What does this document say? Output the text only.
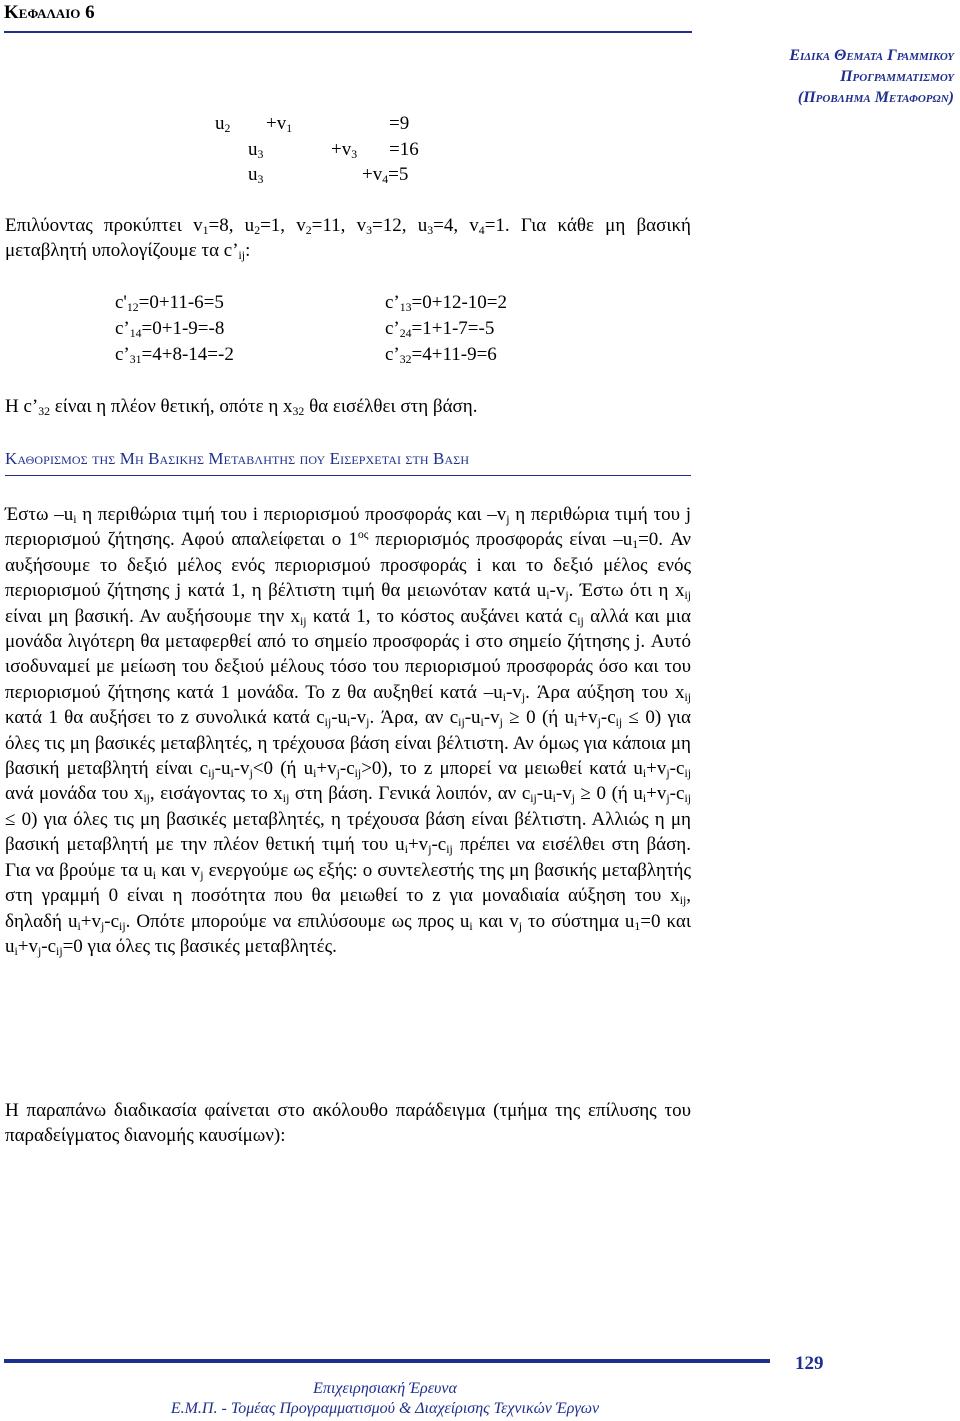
Κεφαλαιο 6
Ειδικα Θεματα Γραμμικου
Προγραμματισμου
(Προβλημα Μεταφορων)
$u_2 +v_1$	=9
$u_3$	$+v_3 =16$
$u_3$	$+v_4=5$
Επιλύοντας προκύπτει $v_1=8$, $u_2=1$, $v_2=11$, $v_3=12$, $u_3=4$, $v_4=1$. Για κάθε μη βασική μεταβλητή υπολογίζουμε τα $c’_{ij}$:
$c'_{12}=0+11-6=5$	$c’_{13}=0+12-10=2$
$c’_{14}=0+1-9=-8$	$c’_{24}=1+1-7=-5$
$c’_{31}=4+8-14=-2$	$c’_{32}=4+11-9=6$
Η $c’_{32}$ είναι η πλέον θετική, οπότε η $x_{32}$ θα εισέλθει στη βάση.
Καθορισμος της Μη Βασικης Μεταβλητης που Εισερχεται στη Βαση
Έστω $-u_i$ η περιθώρια τιμή του i περιορισμού προσφοράς και $-v_j$ η περιθώρια τιμή του j περιορισμού ζήτησης. Αφού απαλείφεται ο $1^{o\varsigma}$ περιορισμός προσφοράς είναι $-u_1=0$. Αν αυξήσουμε το δεξιό μέλος ενός περιορισμού προσφοράς i και το δεξιό μέλος ενός περιορισμού ζήτησης j κατά 1, η βέλτιστη τιμή θα μειωνόταν κατά $u_i-v_j$. Έστω ότι η $x_{ij}$ είναι μη βασική. Αν αυξήσουμε την $x_{ij}$ κατά 1, το κόστος αυξάνει κατά $c_{ij}$ αλλά και μια μονάδα λιγότερη θα μεταφερθεί από το σημείο προσφοράς i στο σημείο ζήτησης j. Αυτό ισοδυναμεί με μείωση του δεξιού μέλους τόσο του περιορισμού προσφοράς όσο και του περιορισμού ζήτησης κατά 1 μονάδα. Το z θα αυξηθεί κατά $-u_i-v_j$. Άρα αύξηση του $x_{ij}$ κατά 1 θα αυξήσει το z συνολικά κατά $c_{ij}-u_i-v_j$. Άρα, αν $c_{ij}-u_i-v_j \ge 0$ (ή $u_i+v_j-c_{ij} \le 0$) για όλες τις μη βασικές μεταβλητές, η τρέχουσα βάση είναι βέλτιστη. Αν όμως για κάποια μη βασική μεταβλητή είναι $c_{ij}-u_i-v_j<0$ (ή $u_i+v_j-c_{ij}>0$), το z μπορεί να μειωθεί κατά $u_i+v_j-c_{ij}$ ανά μονάδα του $x_{ij}$, εισάγοντας το $x_{ij}$ στη βάση. Γενικά λοιπόν, αν $c_{ij}-u_i-v_j \ge 0$ (ή $u_i+v_j-c_{ij} \le 0$) για όλες τις μη βασικές μεταβλητές, η τρέχουσα βάση είναι βέλτιστη. Αλλιώς η μη βασική μεταβλητή με την πλέον θετική τιμή του $u_i+v_j-c_{ij}$ πρέπει να εισέλθει στη βάση. Για να βρούμε τα $u_i$ και $v_j$ ενεργούμε ως εξής: ο συντελεστής της μη βασικής μεταβλητής στη γραμμή 0 είναι η ποσότητα που θα μειωθεί το z για μοναδιαία αύξηση του $x_{ij}$, δηλαδή $u_i+v_j-c_{ij}$. Οπότε μπορούμε να επιλύσουμε ως προς $u_i$ και $v_j$ το σύστημα $u_1=0$ και $u_i+v_j-c_{ij}=0$ για όλες τις βασικές μεταβλητές.
Η παραπάνω διαδικασία φαίνεται στο ακόλουθο παράδειγμα (τμήμα της επίλυσης του παραδείγματος διανομής καυσίμων):
129
Επιχειρησιακή Έρευνα
Ε.Μ.Π. - Τομέας Προγραμματισμού & Διαχείρισης Τεχνικών Έργων
